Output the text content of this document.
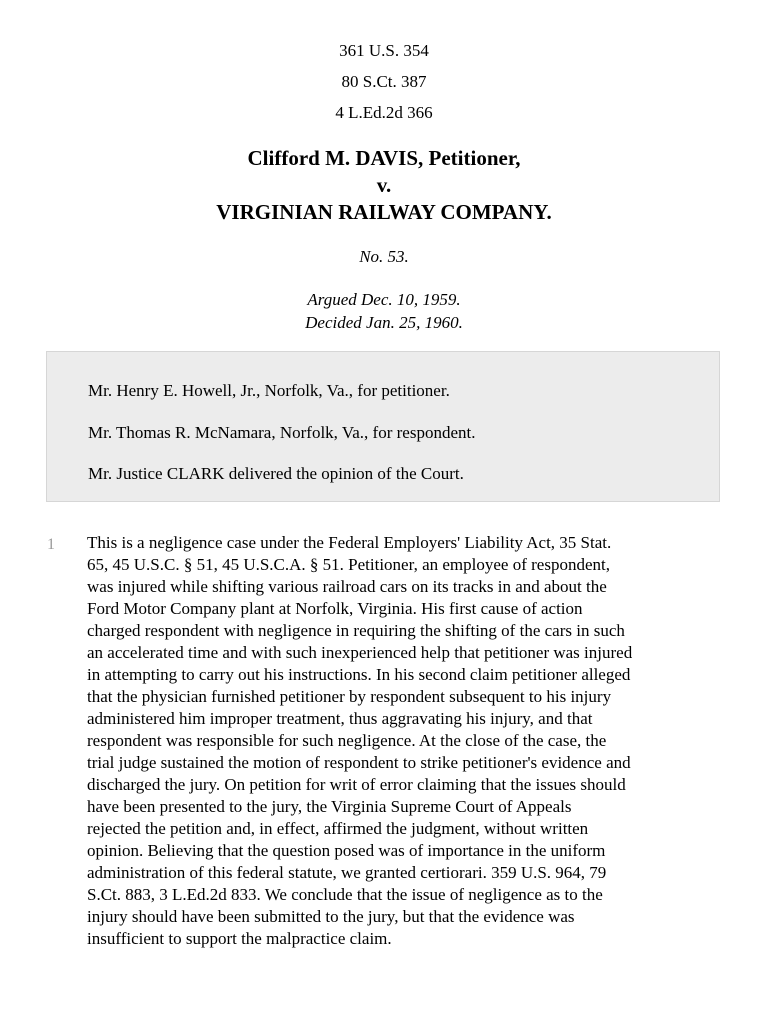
361 U.S. 354
80 S.Ct. 387
4 L.Ed.2d 366
Clifford M. DAVIS, Petitioner,
v.
VIRGINIAN RAILWAY COMPANY.
No. 53.
Argued Dec. 10, 1959.
Decided Jan. 25, 1960.
Mr. Henry E. Howell, Jr., Norfolk, Va., for petitioner.
Mr. Thomas R. McNamara, Norfolk, Va., for respondent.
Mr. Justice CLARK delivered the opinion of the Court.
1 This is a negligence case under the Federal Employers' Liability Act, 35 Stat.
65, 45 U.S.C. § 51, 45 U.S.C.A. § 51. Petitioner, an employee of respondent,
was injured while shifting various railroad cars on its tracks in and about the
Ford Motor Company plant at Norfolk, Virginia. His first cause of action
charged respondent with negligence in requiring the shifting of the cars in such
an accelerated time and with such inexperienced help that petitioner was injured
in attempting to carry out his instructions. In his second claim petitioner alleged
that the physician furnished petitioner by respondent subsequent to his injury
administered him improper treatment, thus aggravating his injury, and that
respondent was responsible for such negligence. At the close of the case, the
trial judge sustained the motion of respondent to strike petitioner's evidence and
discharged the jury. On petition for writ of error claiming that the issues should
have been presented to the jury, the Virginia Supreme Court of Appeals
rejected the petition and, in effect, affirmed the judgment, without written
opinion. Believing that the question posed was of importance in the uniform
administration of this federal statute, we granted certiorari. 359 U.S. 964, 79
S.Ct. 883, 3 L.Ed.2d 833. We conclude that the issue of negligence as to the
injury should have been submitted to the jury, but that the evidence was
insufficient to support the malpractice claim.
